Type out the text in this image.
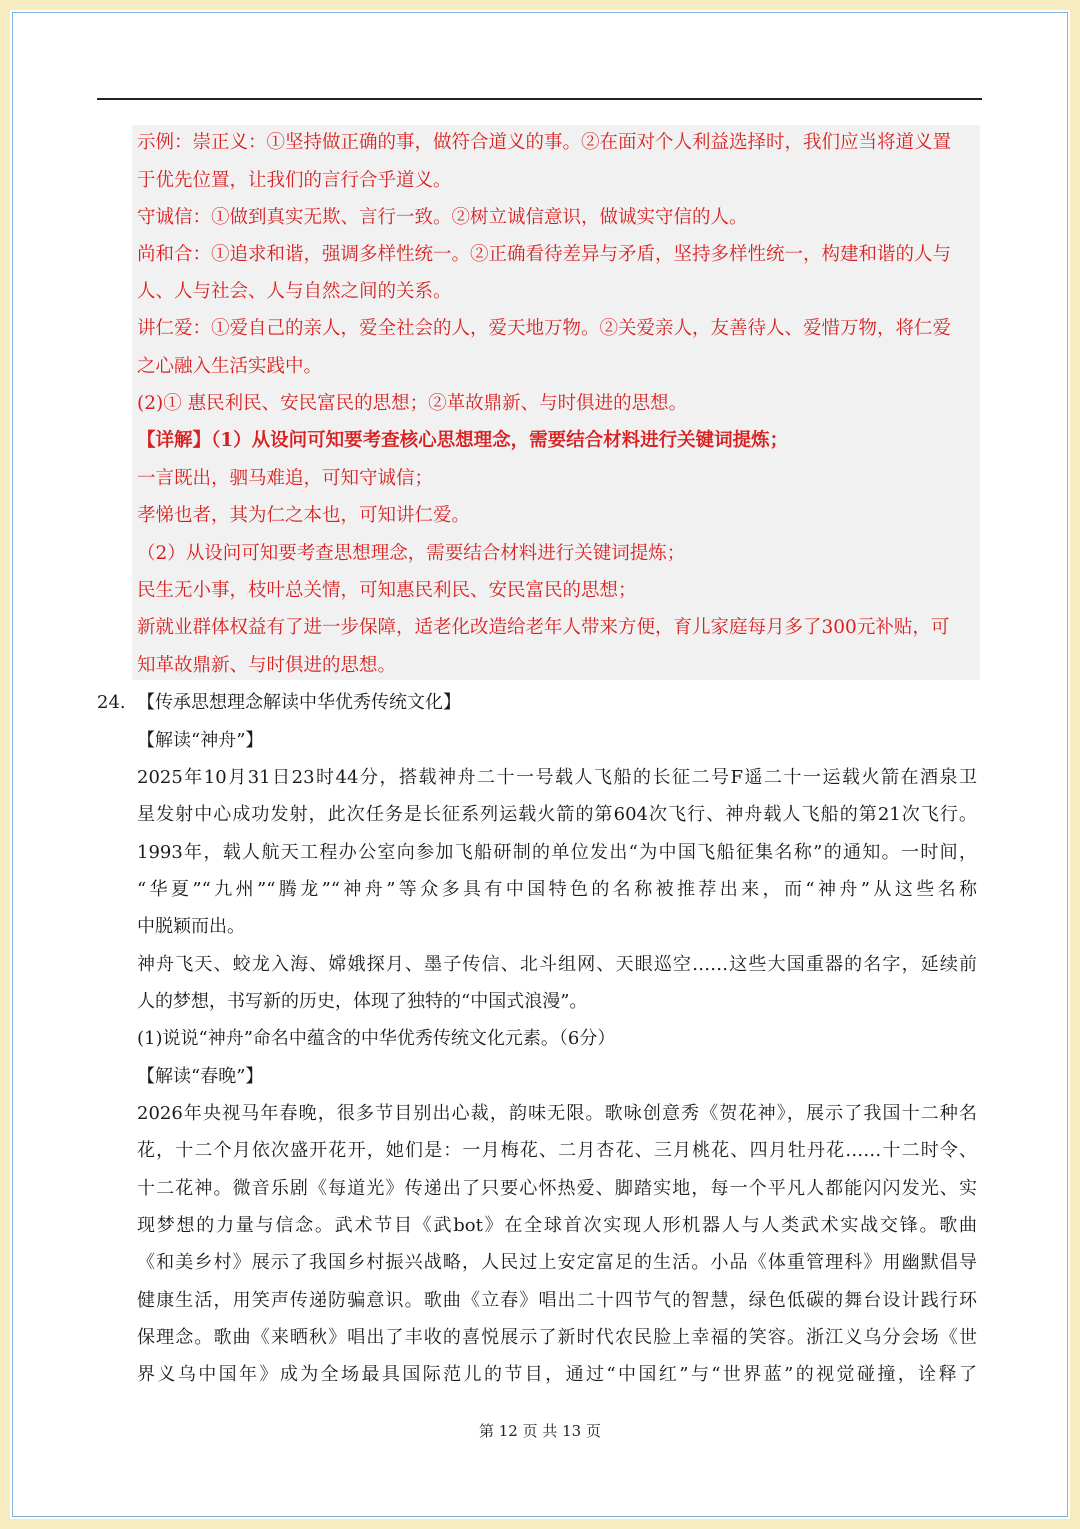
示例：崇正义：①坚持做正确的事，做符合道义的事。②在面对个人利益选择时，我们应当将道义置
于优先位置，让我们的言行合乎道义。
守诚信：①做到真实无欺、言行一致。②树立诚信意识，做诚实守信的人。
尚和合：①追求和谐，强调多样性统一。②正确看待差异与矛盾，坚持多样性统一，构建和谐的人与
人、人与社会、人与自然之间的关系。
讲仁爱：①爱自己的亲人，爱全社会的人，爱天地万物。②关爱亲人，友善待人、爱惜万物，将仁爱
之心融入生活实践中。
(2)① 惠民利民、安民富民的思想；②革故鼎新、与时俱进的思想。
【详解】（1）从设问可知要考查核心思想理念，需要结合材料进行关键词提炼；
一言既出，驷马难追，可知守诚信；
孝悌也者，其为仁之本也，可知讲仁爱。
（2）从设问可知要考查思想理念，需要结合材料进行关键词提炼；
民生无小事，枝叶总关情，可知惠民利民、安民富民的思想；
新就业群体权益有了进一步保障，适老化改造给老年人带来方便，育儿家庭每月多了300元补贴，可
知革故鼎新、与时俱进的思想。
24. 【传承思想理念解读中华优秀传统文化】
【解读“神舟”】
2025年10月31日23时44分，搭载神舟二十一号载人飞船的长征二号F遥二十一运载火箭在酒泉卫
星发射中心成功发射，此次任务是长征系列运载火箭的第604次飞行、神舟载人飞船的第21次飞行。
1993年，载人航天工程办公室向参加飞船研制的单位发出“为中国飞船征集名称”的通知。一时间，
“华夏”“九州”“腾龙”“神舟”等众多具有中国特色的名称被推荐出来，而“神舟”从这些名称
中脱颖而出。
神舟飞天、蛟龙入海、嫦娥探月、墨子传信、北斗组网、天眼巡空……这些大国重器的名字，延续前
人的梦想，书写新的历史，体现了独特的“中国式浪漫”。
(1)说说“神舟”命名中蕴含的中华优秀传统文化元素。（6分）
【解读“春晚”】
2026年央视马年春晚，很多节目别出心裁，韵味无限。歌咏创意秀《贺花神》，展示了我国十二种名
花，十二个月依次盛开花开，她们是：一月梅花、二月杏花、三月桃花、四月牡丹花……十二时令、
十二花神。微音乐剧《每道光》传递出了只要心怀热爱、脚踏实地，每一个平凡人都能闪闪发光、实
现梦想的力量与信念。武术节目《武bot》在全球首次实现人形机器人与人类武术实战交锋。歌曲
《和美乡村》展示了我国乡村振兴战略，人民过上安定富足的生活。小品《体重管理科》用幽默倡导
健康生活，用笑声传递防骗意识。歌曲《立春》唱出二十四节气的智慧，绿色低碳的舞台设计践行环
保理念。歌曲《来晒秋》唱出了丰收的喜悦展示了新时代农民脸上幸福的笑容。浙江义乌分会场《世
界义乌中国年》成为全场最具国际范儿的节目，通过“中国红”与“世界蓝”的视觉碰撞，诠释了
第 12 页 共 13 页
